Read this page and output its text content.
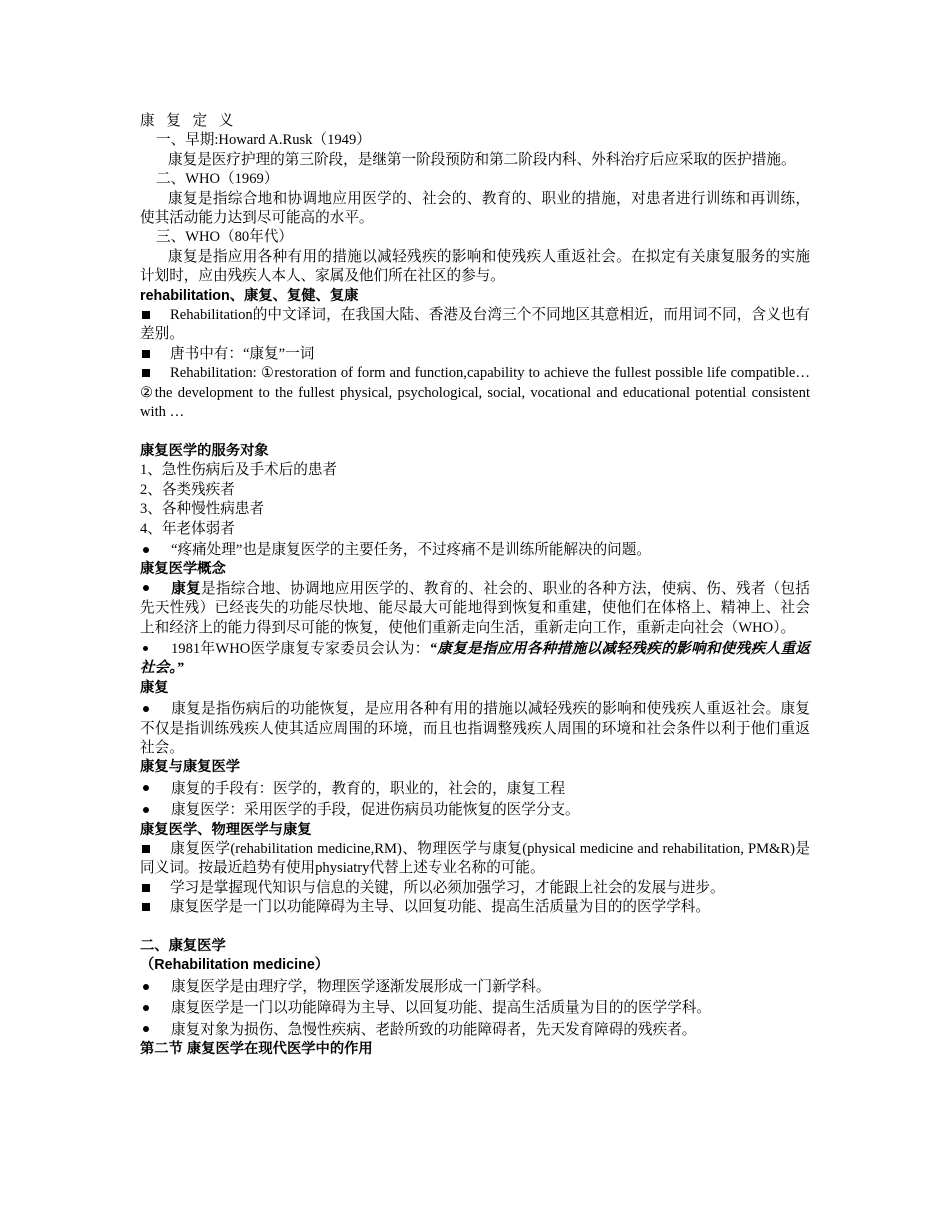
康 复 定 义

一、早期:Howard A.Rusk（1949）

康复是医疗护理的第三阶段，是继第一阶段预防和第二阶段内科、外科治疗后应采取的医护措施。

二、WHO（1969）

康复是指综合地和协调地应用医学的、社会的、教育的、职业的措施，对患者进行训练和再训练，使其活动能力达到尽可能高的水平。

三、WHO（80年代）

康复是指应用各种有用的措施以减轻残疾的影响和使残疾人重返社会。在拟定有关康复服务的实施计划时，应由残疾人本人、家属及他们所在社区的参与。

rehabilitation、康复、复健、复康

Rehabilitation的中文译词，在我国大陆、香港及台湾三个不同地区其意相近，而用词不同，含义也有差别。

唐书中有：“康复”一词

Rehabilitation: ①restoration of form and function,capability to achieve the fullest possible life compatible… ②the development to the fullest physical, psychological, social, vocational and educational potential consistent with …

康复医学的服务对象

1、急性伤病后及手术后的患者

2、各类残疾者

3、各种慢性病患者

4、年老体弱者

“疼痛处理”也是康复医学的主要任务，不过疼痛不是训练所能解决的问题。

康复医学概念

康复是指综合地、协调地应用医学的、教育的、社会的、职业的各种方法，使病、伤、残者（包括先天性残）已经丧失的功能尽快地、能尽最大可能地得到恢复和重建，使他们在体格上、精神上、社会上和经济上的能力得到尽可能的恢复，使他们重新走向生活，重新走向工作，重新走向社会（WHO）。

1981年WHO医学康复专家委员会认为：“康复是指应用各种措施以减轻残疾的影响和使残疾人重返社会。”

康复

康复是指伤病后的功能恢复，是应用各种有用的措施以减轻残疾的影响和使残疾人重返社会。康复不仅是指训练残疾人使其适应周围的环境，而且也指调整残疾人周围的环境和社会条件以利于他们重返社会。

康复与康复医学

康复的手段有：医学的，教育的，职业的，社会的，康复工程

康复医学：采用医学的手段，促进伤病员功能恢复的医学分支。

康复医学、物理医学与康复

康复医学(rehabilitation medicine,RM)、物理医学与康复(physical medicine and rehabilitation, PM&R)是同义词。按最近趋势有使用physiatry代替上述专业名称的可能。

学习是掌握现代知识与信息的关键，所以必须加强学习，才能跟上社会的发展与进步。

康复医学是一门以功能障碍为主导、以回复功能、提高生活质量为目的的医学学科。

二、康复医学

（Rehabilitation medicine）

康复医学是由理疗学，物理医学逐渐发展形成一门新学科。

康复医学是一门以功能障碍为主导、以回复功能、提高生活质量为目的的医学学科。

康复对象为损伤、急慢性疾病、老龄所致的功能障碍者，先天发育障碍的残疾者。

第二节 康复医学在现代医学中的作用
